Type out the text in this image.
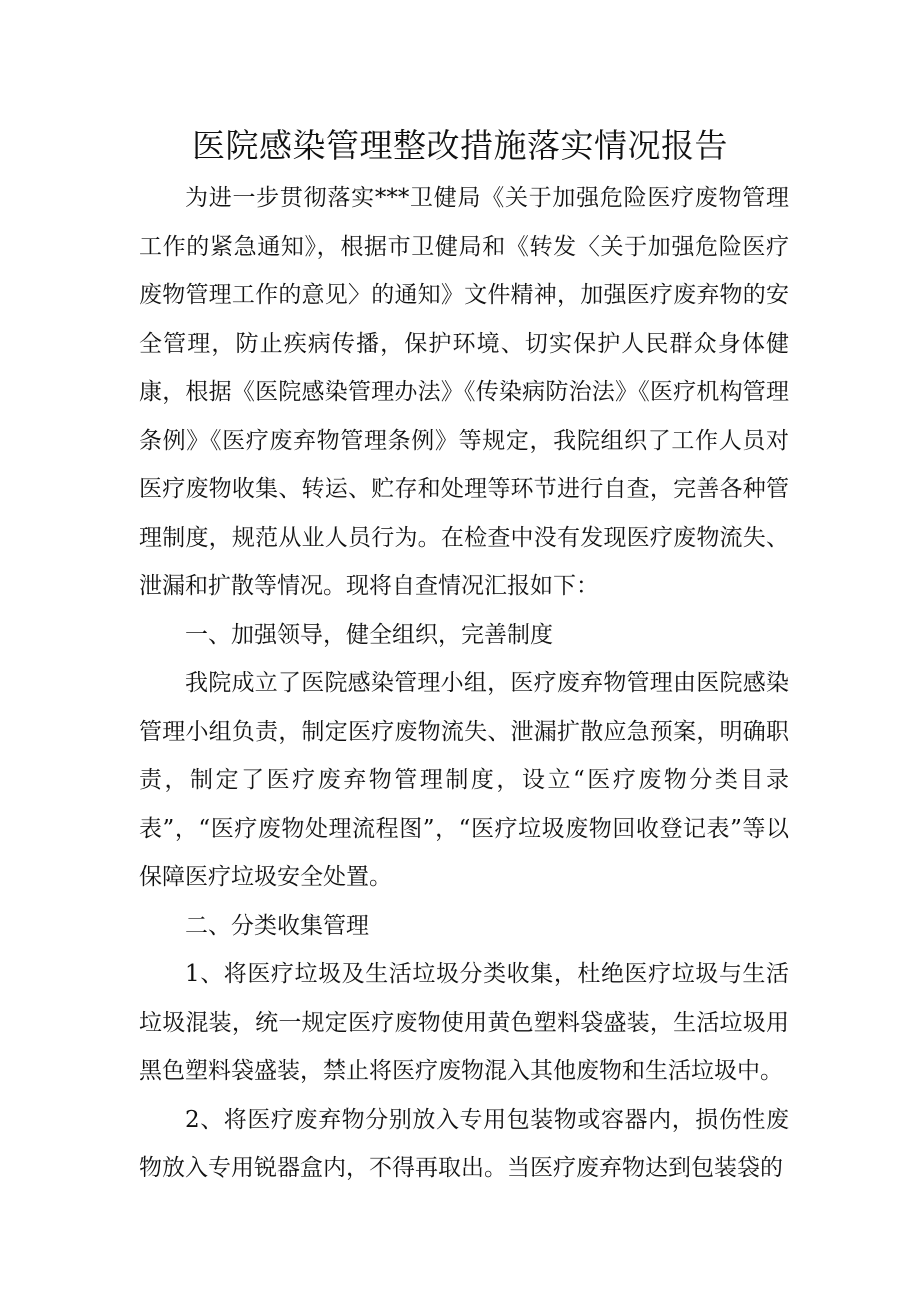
医院感染管理整改措施落实情况报告

为进一步贯彻落实***卫健局《关于加强危险医疗废物管理工作的紧急通知》，根据市卫健局和《转发〈关于加强危险医疗废物管理工作的意见〉的通知》文件精神，加强医疗废弃物的安全管理，防止疾病传播，保护环境、切实保护人民群众身体健康，根据《医院感染管理办法》《传染病防治法》《医疗机构管理条例》《医疗废弃物管理条例》等规定，我院组织了工作人员对医疗废物收集、转运、贮存和处理等环节进行自查，完善各种管理制度，规范从业人员行为。在检查中没有发现医疗废物流失、泄漏和扩散等情况。现将自查情况汇报如下：

一、加强领导，健全组织，完善制度

我院成立了医院感染管理小组，医疗废弃物管理由医院感染管理小组负责，制定医疗废物流失、泄漏扩散应急预案，明确职责，制定了医疗废弃物管理制度，设立“医疗废物分类目录表”，“医疗废物处理流程图”，“医疗垃圾废物回收登记表”等以保障医疗垃圾安全处置。

二、分类收集管理

1、将医疗垃圾及生活垃圾分类收集，杜绝医疗垃圾与生活垃圾混装，统一规定医疗废物使用黄色塑料袋盛装，生活垃圾用黑色塑料袋盛装，禁止将医疗废物混入其他废物和生活垃圾中。

2、将医疗废弃物分别放入专用包装物或容器内，损伤性废物放入专用锐器盒内，不得再取出。当医疗废弃物达到包装袋的
